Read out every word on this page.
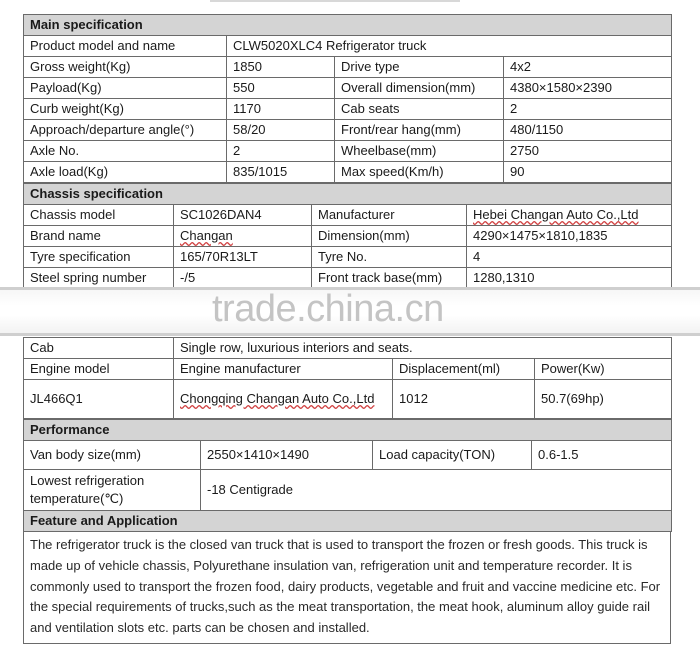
Main specification			
Product model and name	CLW5020XLC4 Refrigerator truck		
Gross weight(Kg)	1850	Drive type	4x2
Payload(Kg)	550	Overall dimension(mm)	4380×1580×2390
Curb weight(Kg)	1170	Cab seats	2
Approach/departure angle(°)	58/20	Front/rear hang(mm)	480/1150
Axle No.	2	Wheelbase(mm)	2750
Axle load(Kg)	835/1015	Max speed(Km/h)	90
Chassis specification			
Chassis model	SC1026DAN4	Manufacturer	Hebei Changan Auto Co.,Ltd
Brand name	Changan	Dimension(mm)	4290×1475×1810,1835
Tyre specification	165/70R13LT	Tyre No.	4
Steel spring number	-/5	Front track base(mm)	1280,1310
trade.china.cn
Cab	Single row, luxurious interiors and seats.		
Engine model	Engine manufacturer	Displacement(ml)	Power(Kw)
JL466Q1	Chongqing Changan Auto Co.,Ltd	1012	50.7(69hp)
Performance			
Van body size(mm)	2550×1410×1490	Load capacity(TON)	0.6-1.5
Lowest refrigeration temperature(℃)	-18 Centigrade		
Feature and Application			
The refrigerator truck is the closed van truck that is used to transport the frozen or fresh goods. This truck is made up of vehicle chassis, Polyurethane insulation van, refrigeration unit and temperature recorder. It is commonly used to transport the frozen food, dairy products, vegetable and fruit and vaccine medicine etc. For the special requirements of trucks,such as the meat transportation, the meat hook, aluminum alloy guide rail and ventilation slots etc. parts can be chosen and installed.
